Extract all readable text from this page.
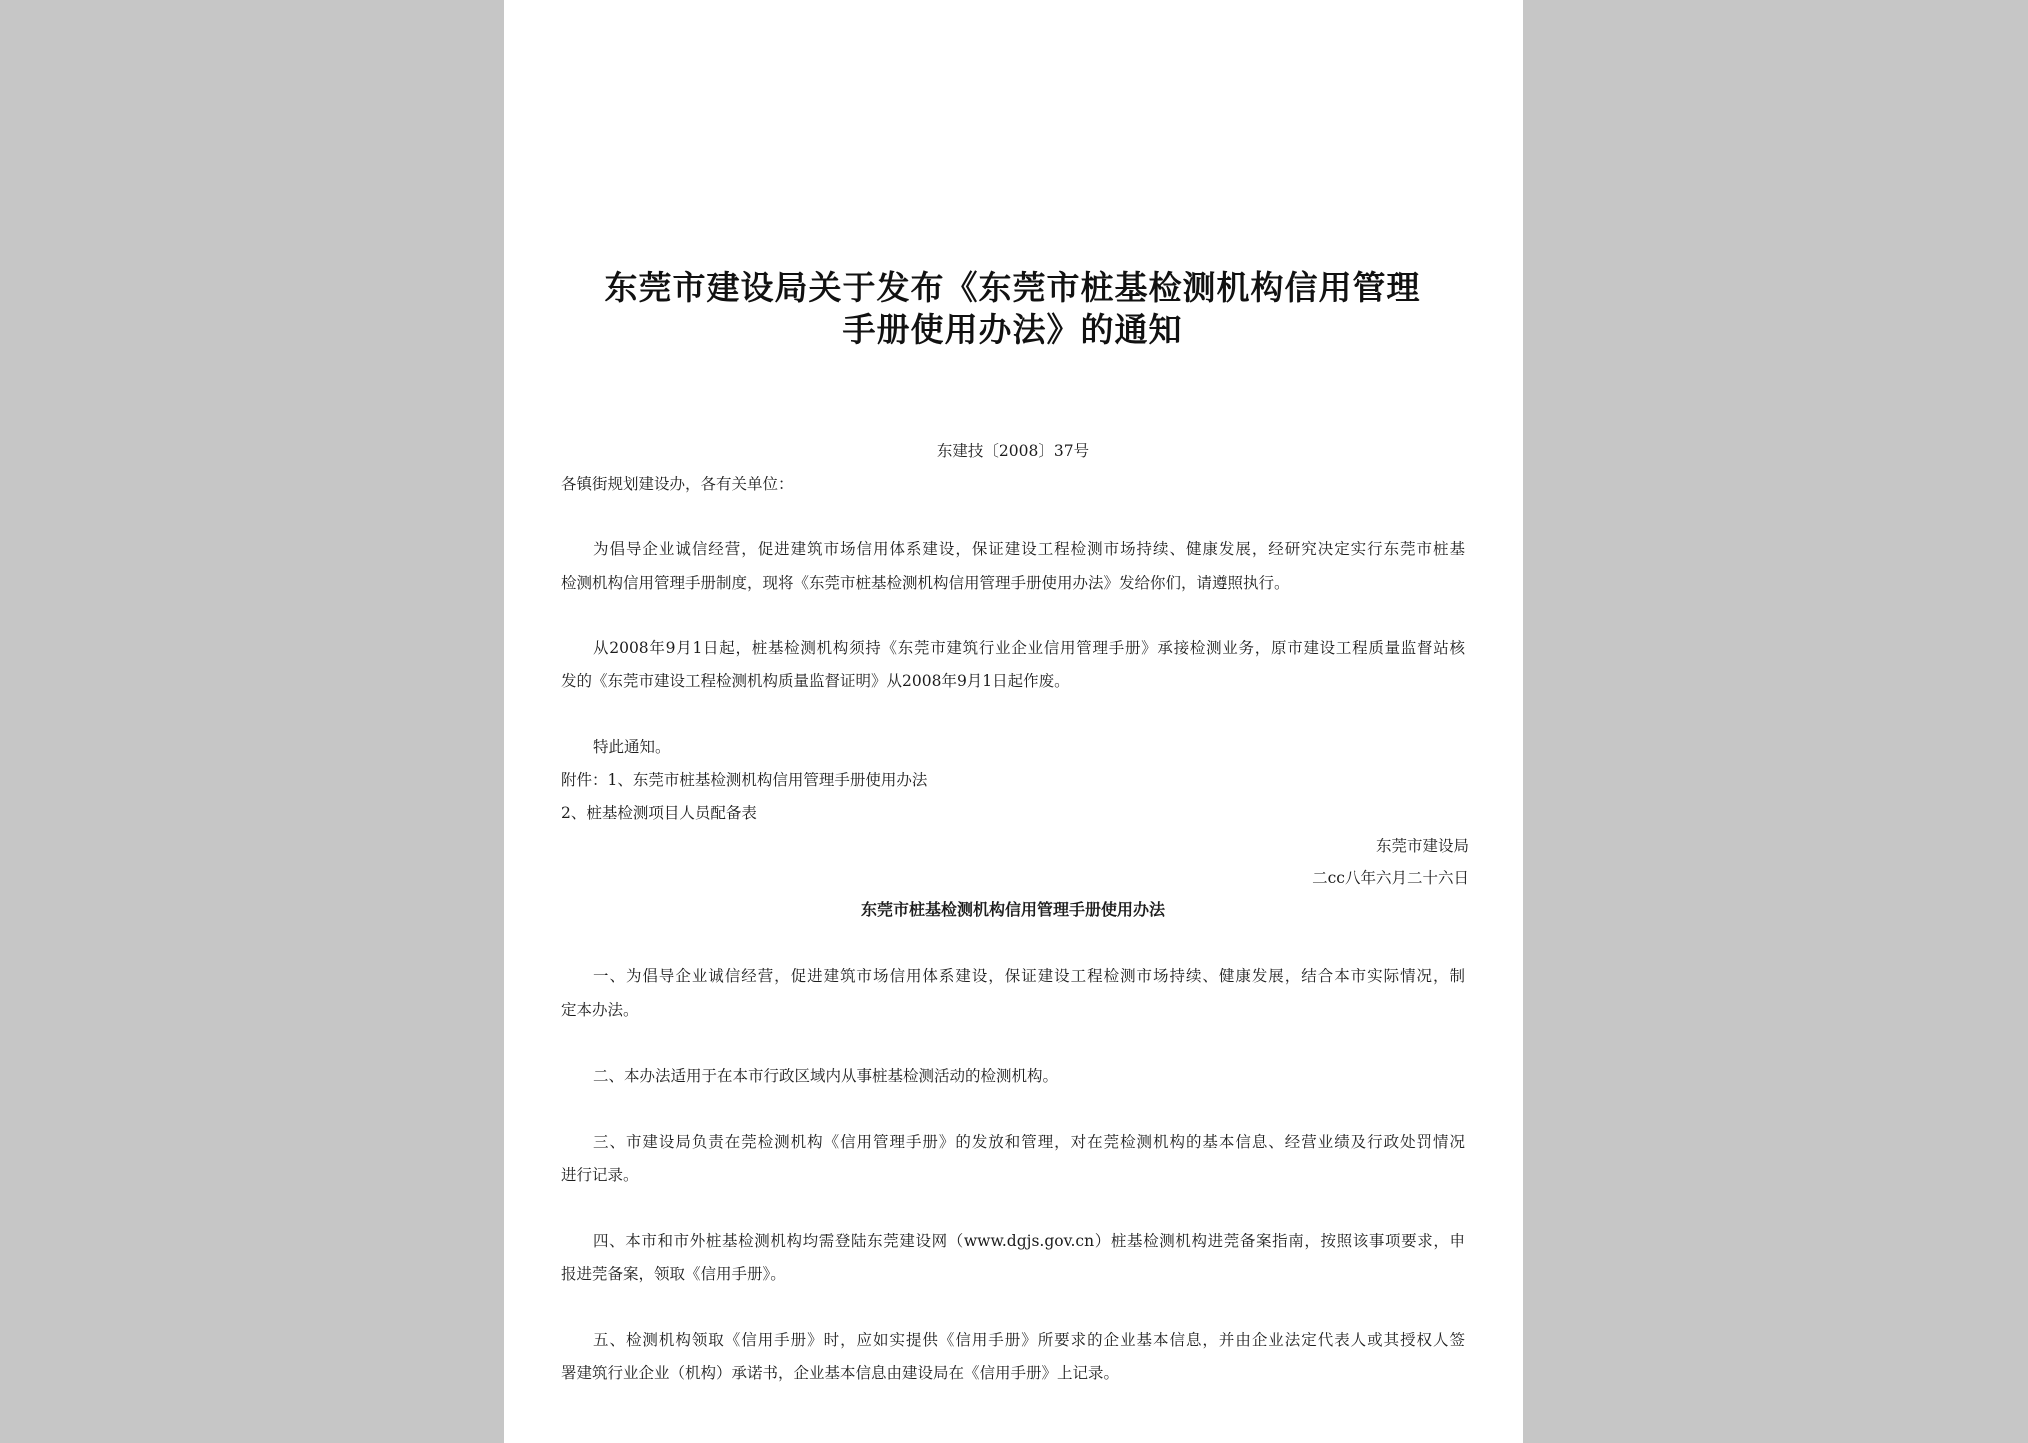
东莞市建设局关于发布《东莞市桩基检测机构信用管理
手册使用办法》的通知
东建技〔2008〕37号
各镇街规划建设办，各有关单位：
为倡导企业诚信经营，促进建筑市场信用体系建设，保证建设工程检测市场持续、健康发展，经研究决定实行东莞市桩基
检测机构信用管理手册制度，现将《东莞市桩基检测机构信用管理手册使用办法》发给你们，请遵照执行。
从2008年9月1日起，桩基检测机构须持《东莞市建筑行业企业信用管理手册》承接检测业务，原市建设工程质量监督站核
发的《东莞市建设工程检测机构质量监督证明》从2008年9月1日起作废。
特此通知。
附件：1、东莞市桩基检测机构信用管理手册使用办法
2、桩基检测项目人员配备表
东莞市建设局
二cc八年六月二十六日
东莞市桩基检测机构信用管理手册使用办法
一、为倡导企业诚信经营，促进建筑市场信用体系建设，保证建设工程检测市场持续、健康发展，结合本市实际情况，制
定本办法。
二、本办法适用于在本市行政区域内从事桩基检测活动的检测机构。
三、市建设局负责在莞检测机构《信用管理手册》的发放和管理，对在莞检测机构的基本信息、经营业绩及行政处罚情况
进行记录。
四、本市和市外桩基检测机构均需登陆东莞建设网（www.dgjs.gov.cn）桩基检测机构进莞备案指南，按照该事项要求，申
报进莞备案，领取《信用手册》。
五、检测机构领取《信用手册》时，应如实提供《信用手册》所要求的企业基本信息，并由企业法定代表人或其授权人签
署建筑行业企业（机构）承诺书，企业基本信息由建设局在《信用手册》上记录。
